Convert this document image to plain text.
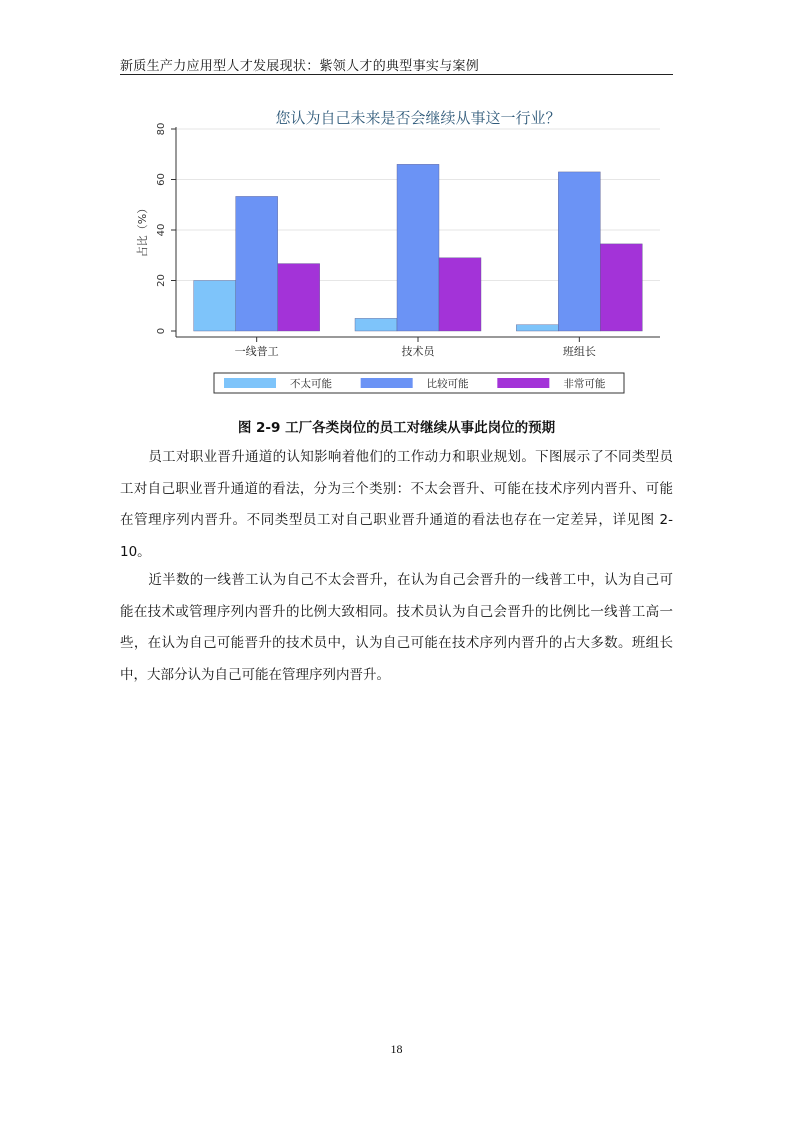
新质生产力应用型人才发展现状：紫领人才的典型事实与案例
您认为自己未来是否会继续从事这一行业？
0
20
40
60
80
占比（%）
一线普工	技术员	班组长
不太可能	比较可能	非常可能
图 2-9 工厂各类岗位的员工对继续从事此岗位的预期

员工对职业晋升通道的认知影响着他们的工作动力和职业规划。下图展示了不同类型员工对自己职业晋升通道的看法，分为三个类别：不太会晋升、可能在技术序列内晋升、可能在管理序列内晋升。不同类型员工对自己职业晋升通道的看法也存在一定差异，详见图 2-10。

近半数的一线普工认为自己不太会晋升，在认为自己会晋升的一线普工中，认为自己可能在技术或管理序列内晋升的比例大致相同。技术员认为自己会晋升的比例比一线普工高一些，在认为自己可能晋升的技术员中，认为自己可能在技术序列内晋升的占大多数。班组长中，大部分认为自己可能在管理序列内晋升。

18
